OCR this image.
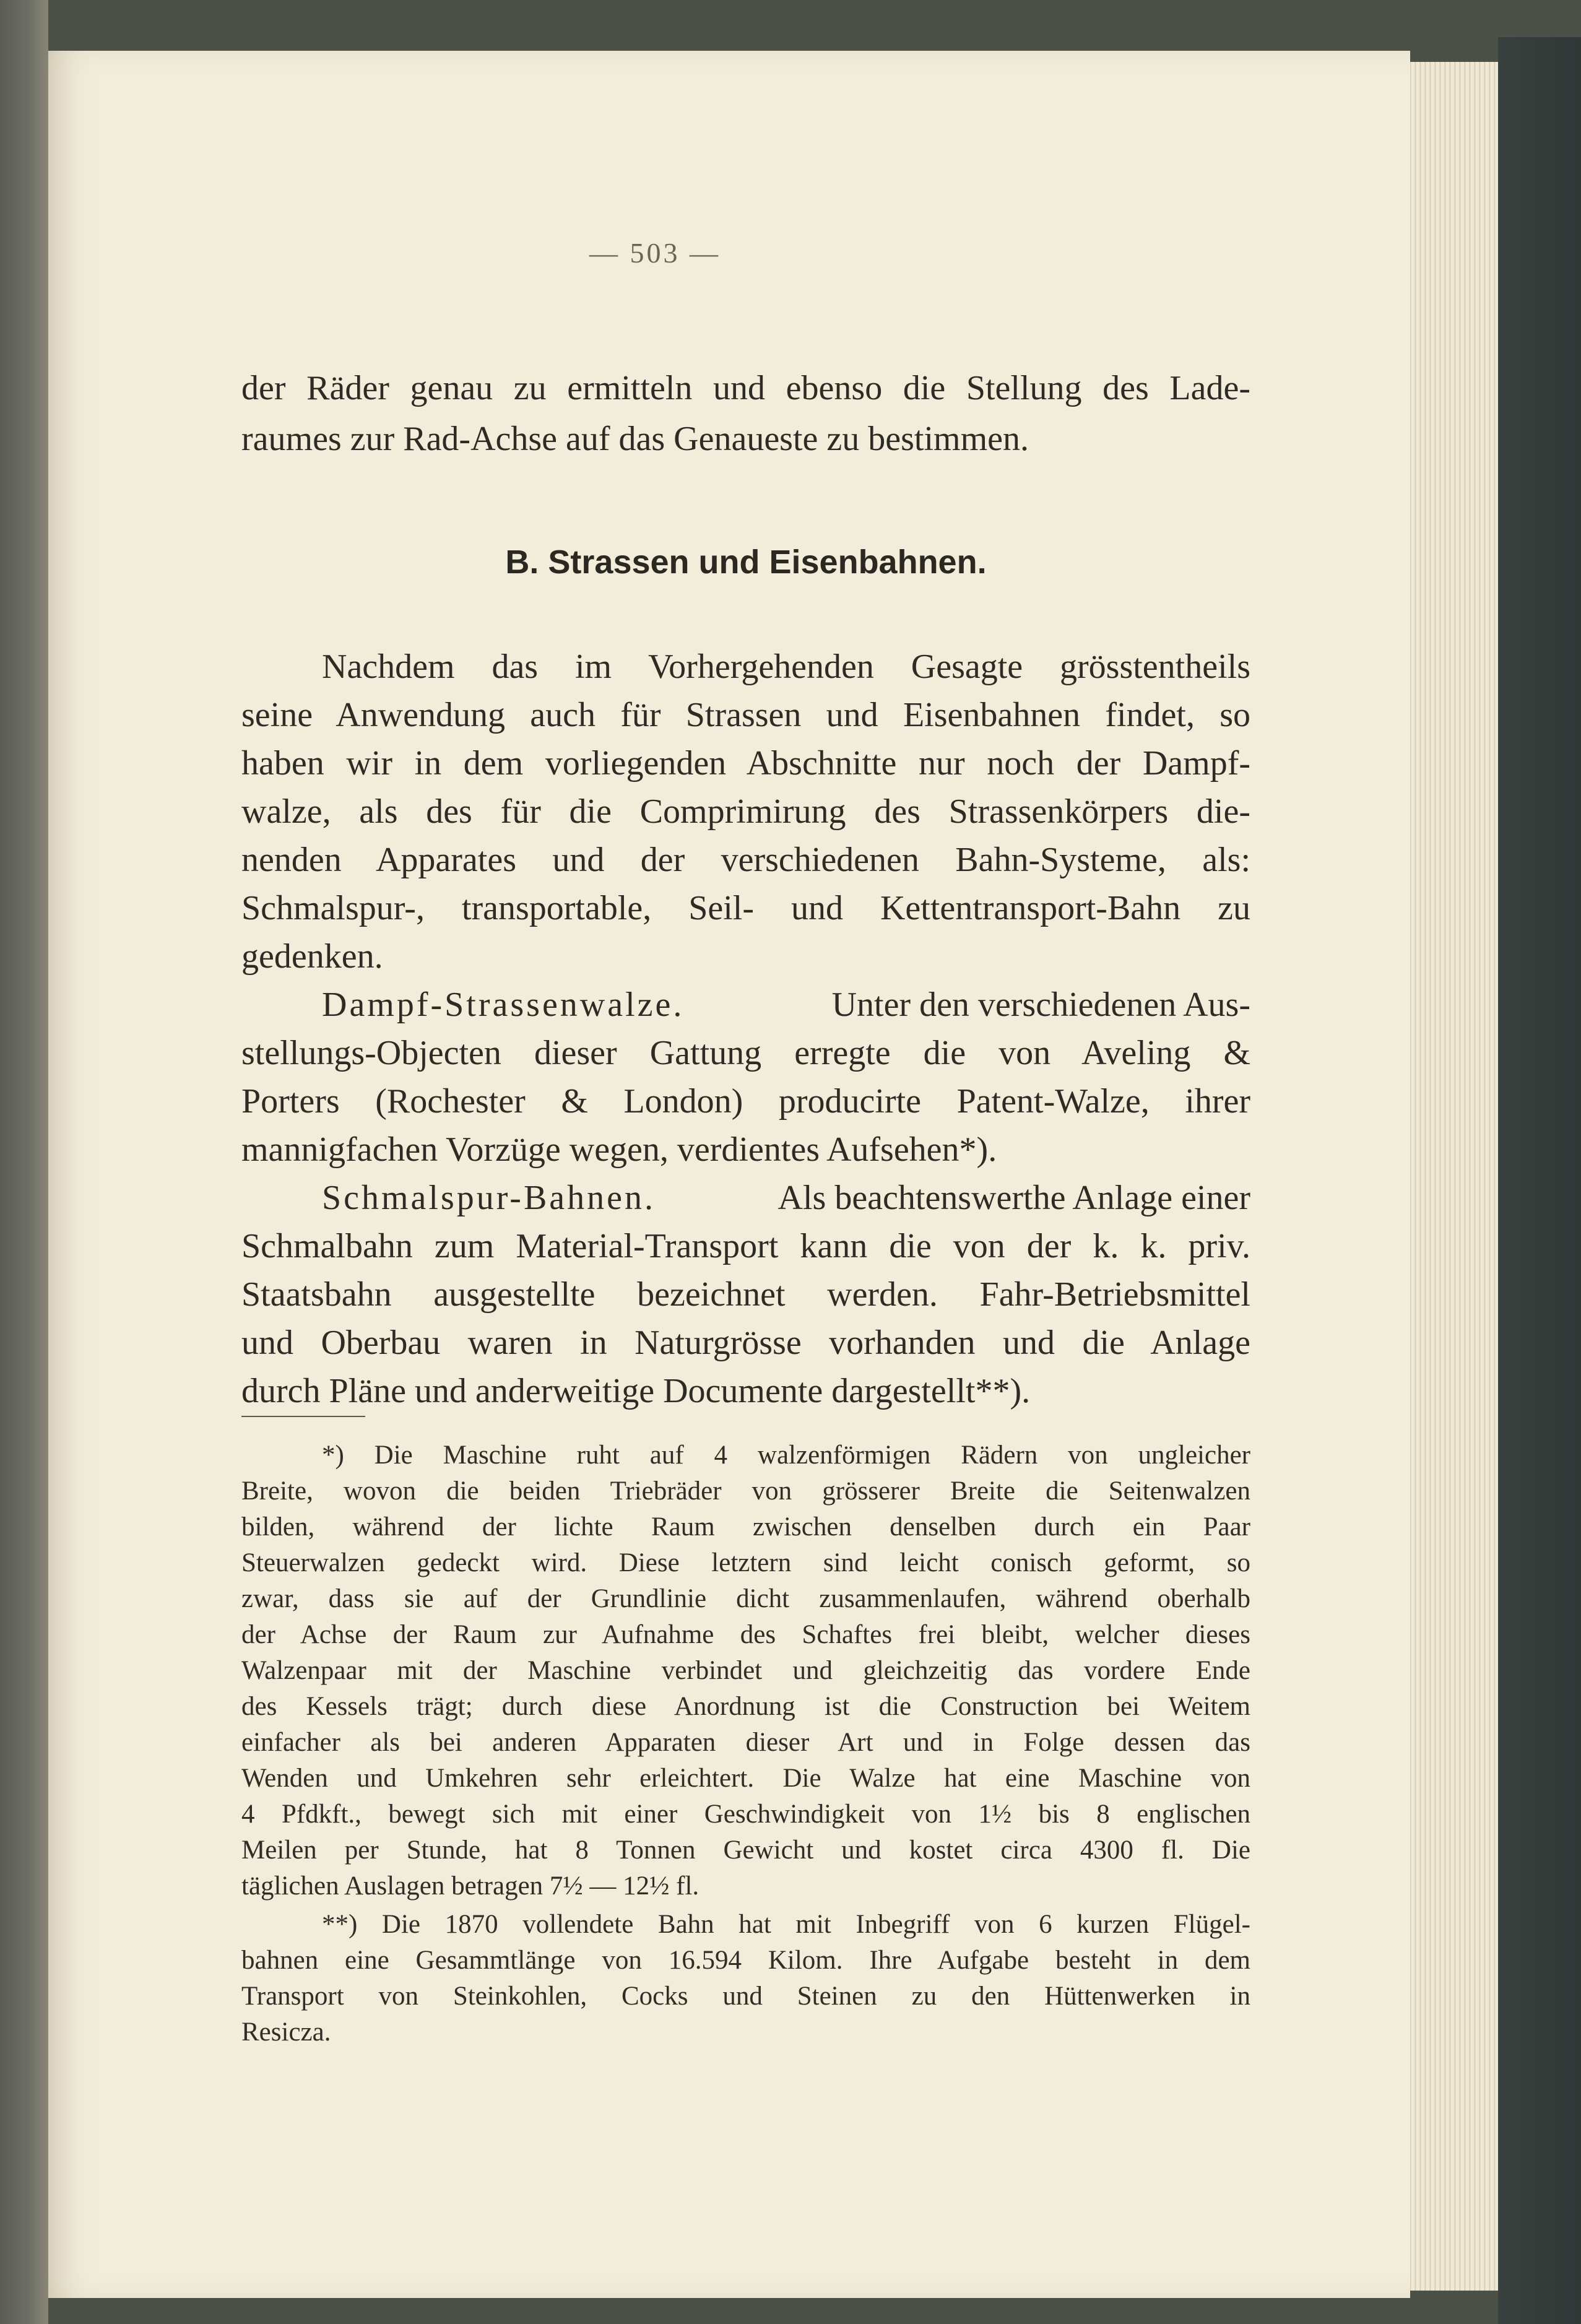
— 503 —
der Räder genau zu ermitteln und ebenso die Stellung des Lade-
raumes zur Rad-Achse auf das Genaueste zu bestimmen.
B. Strassen und Eisenbahnen.
Nachdem das im Vorhergehenden Gesagte grösstentheils
seine Anwendung auch für Strassen und Eisenbahnen findet, so
haben wir in dem vorliegenden Abschnitte nur noch der Dampf-
walze, als des für die Comprimirung des Strassenkörpers die-
nenden Apparates und der verschiedenen Bahn-Systeme, als:
Schmalspur-, transportable, Seil- und Kettentransport-Bahn zu
gedenken.
Dampf-Strassenwalze.	Unter den verschiedenen Aus-
stellungs-Objecten dieser Gattung erregte die von Aveling &
Porters (Rochester & London) producirte Patent-Walze, ihrer
mannigfachen Vorzüge wegen, verdientes Aufsehen*).
Schmalspur-Bahnen.	Als beachtenswerthe Anlage einer
Schmalbahn zum Material-Transport kann die von der k. k. priv.
Staatsbahn ausgestellte bezeichnet werden. Fahr-Betriebsmittel
und Oberbau waren in Naturgrösse vorhanden und die Anlage
durch Pläne und anderweitige Documente dargestellt**).
*) Die Maschine ruht auf 4 walzenförmigen Rädern von ungleicher
Breite, wovon die beiden Triebräder von grösserer Breite die Seitenwalzen
bilden, während der lichte Raum zwischen denselben durch ein Paar
Steuerwalzen gedeckt wird. Diese letztern sind leicht conisch geformt, so
zwar, dass sie auf der Grundlinie dicht zusammenlaufen, während oberhalb
der Achse der Raum zur Aufnahme des Schaftes frei bleibt, welcher dieses
Walzenpaar mit der Maschine verbindet und gleichzeitig das vordere Ende
des Kessels trägt; durch diese Anordnung ist die Construction bei Weitem
einfacher als bei anderen Apparaten dieser Art und in Folge dessen das
Wenden und Umkehren sehr erleichtert. Die Walze hat eine Maschine von
4 Pfdkft., bewegt sich mit einer Geschwindigkeit von 1½ bis 8 englischen
Meilen per Stunde, hat 8 Tonnen Gewicht und kostet circa 4300 fl. Die
täglichen Auslagen betragen 7½ — 12½ fl.
**) Die 1870 vollendete Bahn hat mit Inbegriff von 6 kurzen Flügel-
bahnen eine Gesammtlänge von 16.594 Kilom. Ihre Aufgabe besteht in dem
Transport von Steinkohlen, Cocks und Steinen zu den Hüttenwerken in
Resicza.
